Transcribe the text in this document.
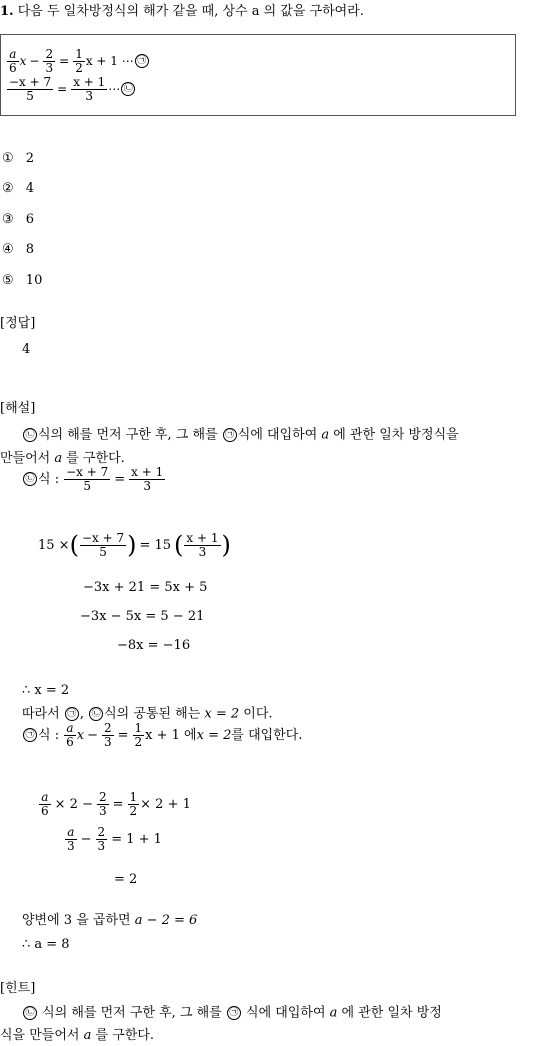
1. 다음 두 일차방정식의 해가 같을 때, 상수 a 의 값을 구하여라.
$\frac{a}{6}$ $x - \frac{2}{3} = \frac{1}{2}$ x + 1 ⋯ ㉠
$\frac{-x + 7}{5} = \frac{x + 1}{3}$ ⋯ ㉡
① 2
② 4
③ 6
④ 8
⑤ 10
[정답]
4
[해설]
㉡ 식의 해를 먼저 구한 후, 그 해를 ㉠ 식에 대입하여 a 에 관한 일차 방정식을
만들어서 a 를 구한다.
㉡ 식 : $\frac{-x + 7}{5} = \frac{x + 1}{3}$
15 × ( $\frac{-x + 7}{5}$ ) = 15 ( $\frac{x + 1}{3}$ )
−3x + 21 = 5x + 5
−3x − 5x = 5 − 21
−8x = −16
∴ x = 2
따라서 ㉠ , ㉡ 식의 공통된 해는 x = 2 이다.
㉠ 식 : $\frac{a}{6}$ $x - \frac{2}{3} = \frac{1}{2}$ x + 1 에 x = 2 를 대입한다.
$\frac{a}{6} \times 2 - \frac{2}{3} = \frac{1}{2} \times 2 + 1$
$\frac{a}{3} - \frac{2}{3} = 1 + 1$
= 2
양변에 3 을 곱하면 a − 2 = 6
∴ a = 8
[힌트]
㉡ 식의 해를 먼저 구한 후, 그 해를 ㉠ 식에 대입하여 a 에 관한 일차 방정
식을 만들어서 a 를 구한다.
